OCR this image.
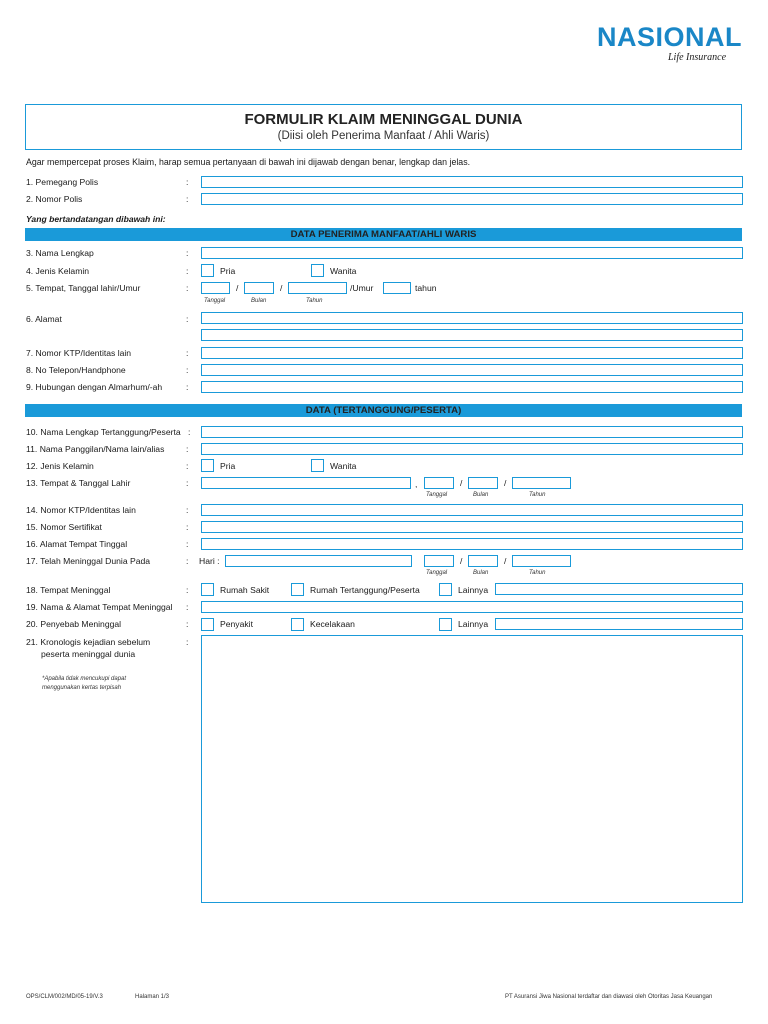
NASIONAL
Life Insurance
FORMULIR KLAIM MENINGGAL DUNIA
(Diisi oleh Penerima Manfaat / Ahli Waris)
Agar mempercepat proses Klaim, harap semua pertanyaan di bawah ini dijawab dengan benar, lengkap dan jelas.
1. Pemegang Polis	:
2. Nomor Polis	:
Yang bertandatangan dibawah ini:
DATA PENERIMA MANFAAT/AHLI WARIS
3. Nama Lengkap	:
4. Jenis Kelamin	:	Pria	Wanita
5. Tempat, Tanggal lahir/Umur	:	/	/	/Umur	tahun
Tanggal	Bulan	Tahun
6. Alamat	:
7. Nomor KTP/Identitas lain	:
8. No Telepon/Handphone	:
9. Hubungan dengan Almarhum/-ah	:
DATA (TERTANGGUNG/PESERTA)
10. Nama Lengkap Tertanggung/Peserta :
11. Nama Panggilan/Nama lain/alias	:
12. Jenis Kelamin	:	Pria	Wanita
13. Tempat & Tanggal Lahir	:	,	/	/
Tanggal	Bulan	Tahun
14. Nomor KTP/Identitas lain	:
15. Nomor Sertifikat	:
16. Alamat Tempat Tinggal	:
17. Telah Meninggal Dunia Pada	: Hari :	/	/
Tanggal	Bulan	Tahun
18. Tempat Meninggal	:	Rumah Sakit	Rumah Tertanggung/Peserta	Lainnya
19. Nama & Alamat Tempat Meninggal :
20. Penyebab Meninggal	:	Penyakit	Kecelakaan	Lainnya
21. Kronologis kejadian sebelum
peserta meninggal dunia
:
*Apabila tidak mencukupi dapat
menggunakan kertas terpisah
OPS/CLM/002/MD/05-19/V.3	Halaman 1/3	PT Asuransi Jiwa Nasional terdaftar dan diawasi oleh Otoritas Jasa Keuangan
